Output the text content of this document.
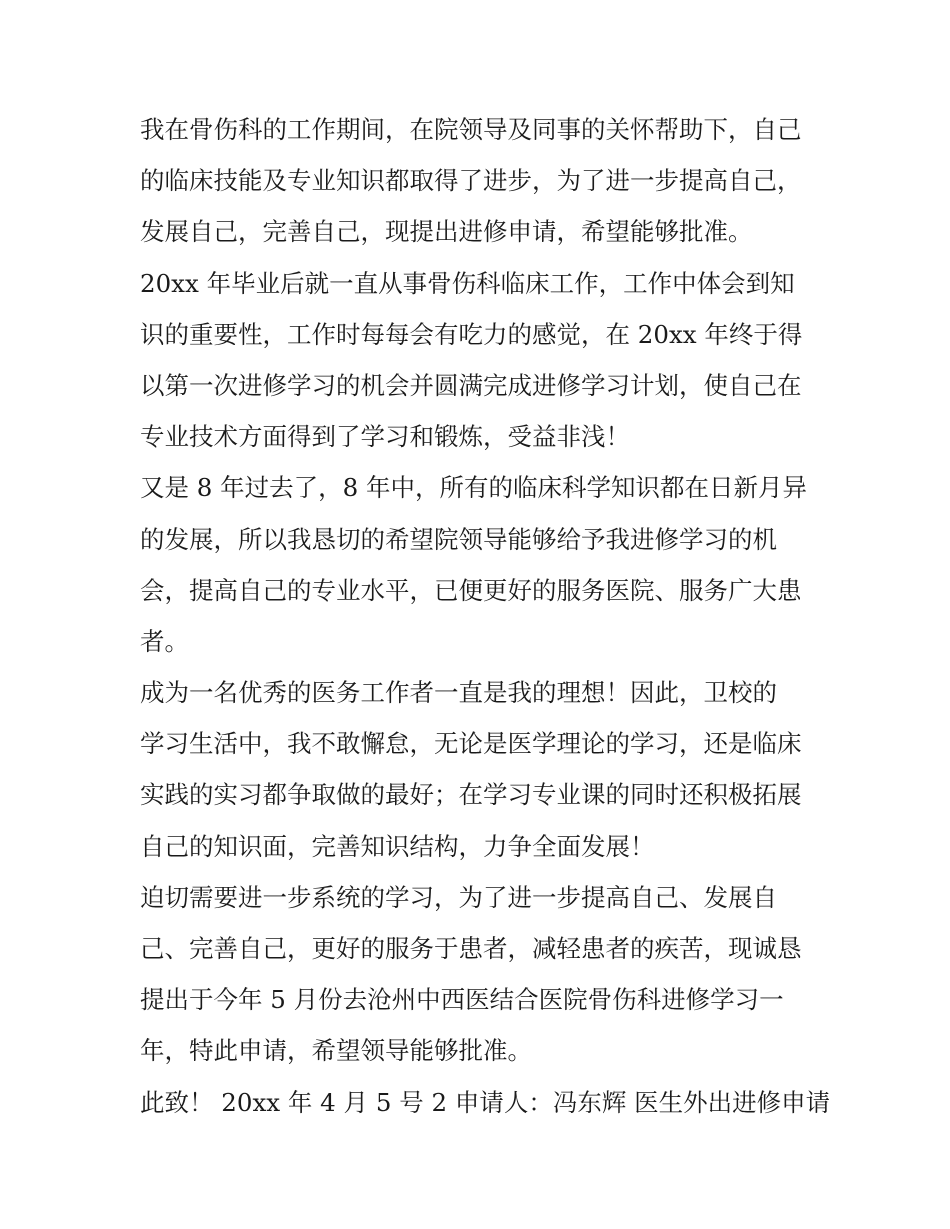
我在骨伤科的工作期间，在院领导及同事的关怀帮助下，自己
的临床技能及专业知识都取得了进步，为了进一步提高自己，
发展自己，完善自己，现提出进修申请，希望能够批准。
20xx 年毕业后就一直从事骨伤科临床工作，工作中体会到知
识的重要性，工作时每每会有吃力的感觉，在 20xx 年终于得
以第一次进修学习的机会并圆满完成进修学习计划，使自己在
专业技术方面得到了学习和锻炼，受益非浅！
又是 8 年过去了，8 年中，所有的临床科学知识都在日新月异
的发展，所以我恳切的希望院领导能够给予我进修学习的机
会，提高自己的专业水平，已便更好的服务医院、服务广大患
者。
成为一名优秀的医务工作者一直是我的理想！因此，卫校的
学习生活中，我不敢懈怠，无论是医学理论的学习，还是临床
实践的实习都争取做的最好；在学习专业课的同时还积极拓展
自己的知识面，完善知识结构，力争全面发展！
迫切需要进一步系统的学习，为了进一步提高自己、发展自
己、完善自己，更好的服务于患者，减轻患者的疾苦，现诚恳
提出于今年 5 月份去沧州中西医结合医院骨伤科进修学习一
年，特此申请，希望领导能够批准。
此致！ 20xx 年 4 月 5 号 2 申请人：冯东辉 医生外出进修申请
